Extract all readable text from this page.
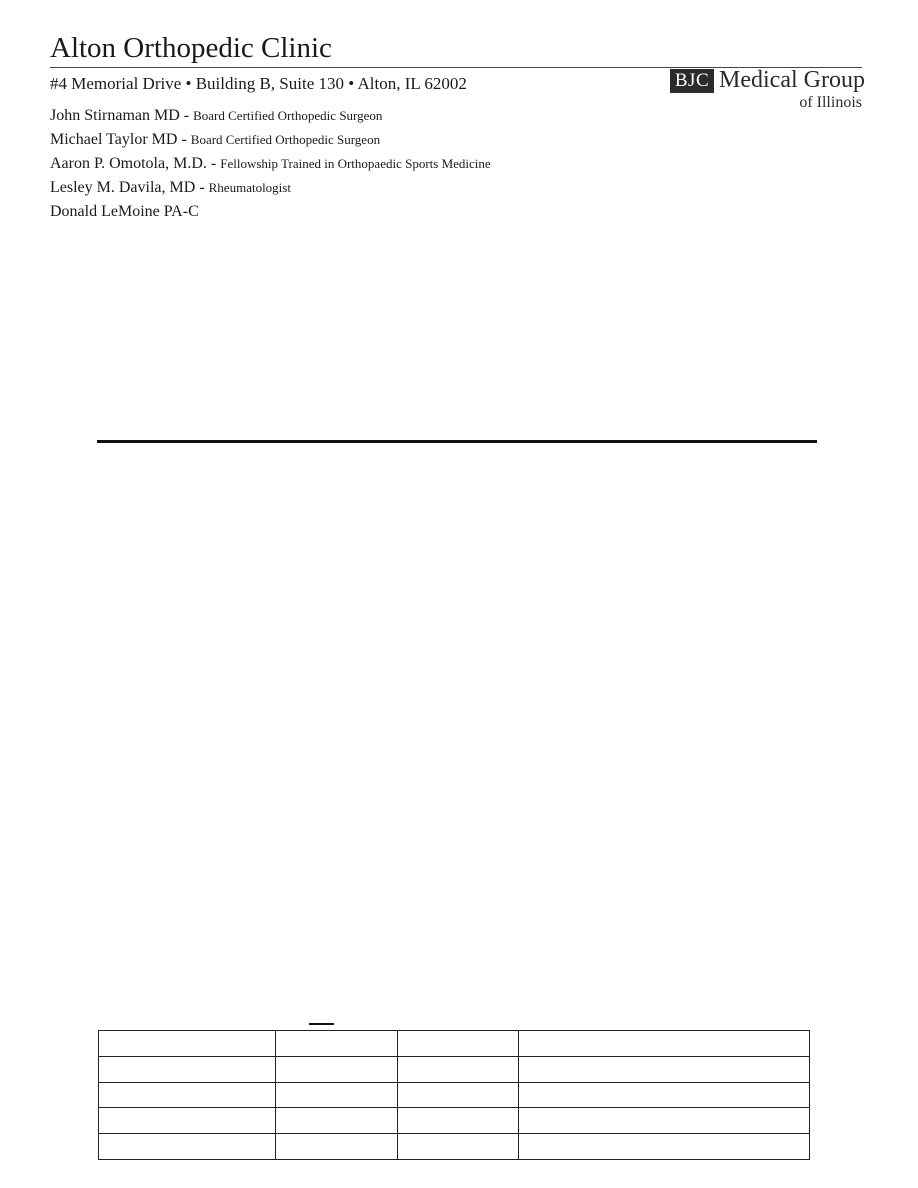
Alton Orthopedic Clinic
#4 Memorial Drive • Building B, Suite 130 • Alton, IL 62002
John Stirnaman MD - Board Certified Orthopedic Surgeon
Michael Taylor MD - Board Certified Orthopedic Surgeon
Aaron P. Omotola, M.D. - Fellowship Trained in Orthopaedic Sports Medicine
Lesley M. Davila, MD - Rheumatologist
Donald LeMoine PA-C
BJC Medical Group
of Illinois
